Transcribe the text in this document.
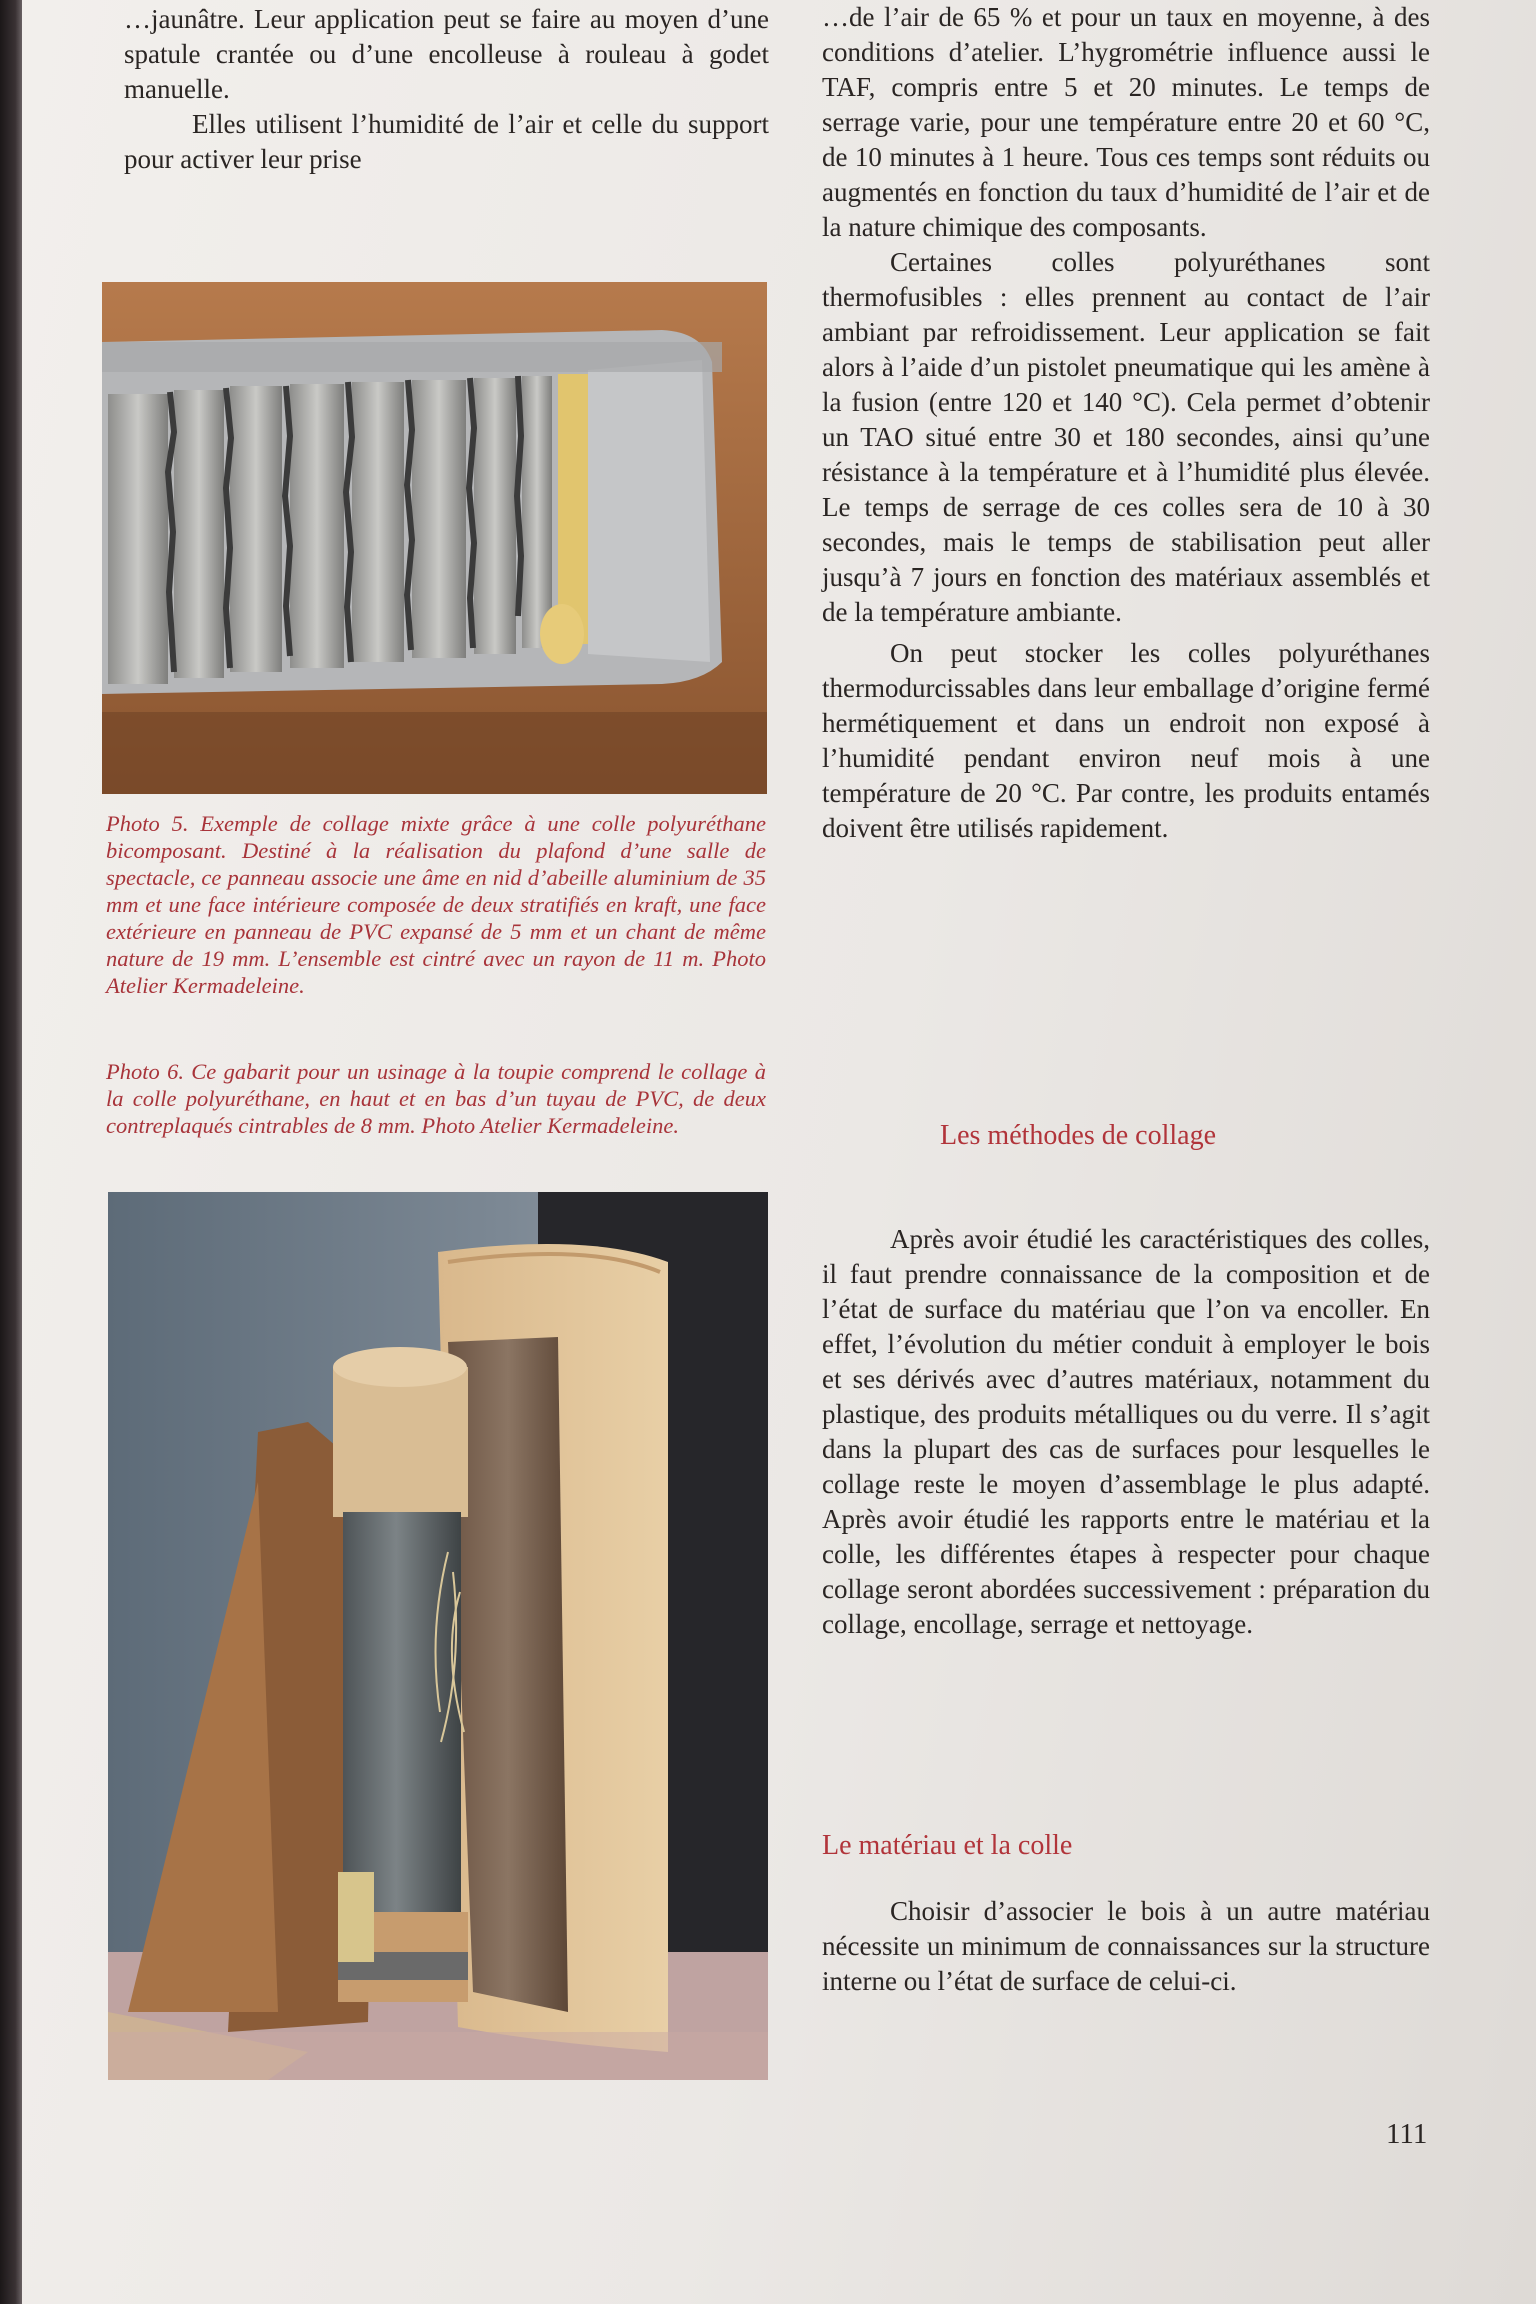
…jaunâtre. Leur application peut se faire au moyen d’une spatule crantée ou d’une encolleuse à rouleau à godet manuelle.

Elles utilisent l’humidité de l’air et celle du support pour activer leur prise

Photo 5. Exemple de collage mixte grâce à une colle polyuréthane bicomposant. Destiné à la réalisation du plafond d’une salle de spectacle, ce panneau associe une âme en nid d’abeille aluminium de 35 mm et une face intérieure composée de deux stratifiés en kraft, une face extérieure en panneau de PVC expansé de 5 mm et un chant de même nature de 19 mm. L’ensemble est cintré avec un rayon de 11 m. Photo Atelier Kermadeleine.

Photo 6. Ce gabarit pour un usinage à la toupie comprend le collage à la colle polyuréthane, en haut et en bas d’un tuyau de PVC, de deux contreplaqués cintrables de 8 mm. Photo Atelier Kermadeleine.

…de l’air de 65 % et pour un taux en moyenne, à des conditions d’atelier. L’hygrométrie influence aussi le TAF, compris entre 5 et 20 minutes. Le temps de serrage varie, pour une température entre 20 et 60 °C, de 10 minutes à 1 heure. Tous ces temps sont réduits ou augmentés en fonction du taux d’humidité de l’air et de la nature chimique des composants.

Certaines colles polyuréthanes sont thermofusibles : elles prennent au contact de l’air ambiant par refroidissement. Leur application se fait alors à l’aide d’un pistolet pneumatique qui les amène à la fusion (entre 120 et 140 °C). Cela permet d’obtenir un TAO situé entre 30 et 180 secondes, ainsi qu’une résistance à la température et à l’humidité plus élevée. Le temps de serrage de ces colles sera de 10 à 30 secondes, mais le temps de stabilisation peut aller jusqu’à 7 jours en fonction des matériaux assemblés et de la température ambiante.

On peut stocker les colles polyuréthanes thermodurcissables dans leur emballage d’origine fermé hermétiquement et dans un endroit non exposé à l’humidité pendant environ neuf mois à une température de 20 °C. Par contre, les produits entamés doivent être utilisés rapidement.

Les méthodes de collage

Après avoir étudié les caractéristiques des colles, il faut prendre connaissance de la composition et de l’état de surface du matériau que l’on va encoller. En effet, l’évolution du métier conduit à employer le bois et ses dérivés avec d’autres matériaux, notamment du plastique, des produits métalliques ou du verre. Il s’agit dans la plupart des cas de surfaces pour lesquelles le collage reste le moyen d’assemblage le plus adapté. Après avoir étudié les rapports entre le matériau et la colle, les différentes étapes à respecter pour chaque collage seront abordées successivement : préparation du collage, encollage, serrage et nettoyage.

Le matériau et la colle

Choisir d’associer le bois à un autre matériau nécessite un minimum de connaissances sur la structure interne ou l’état de surface de celui-ci.

111
